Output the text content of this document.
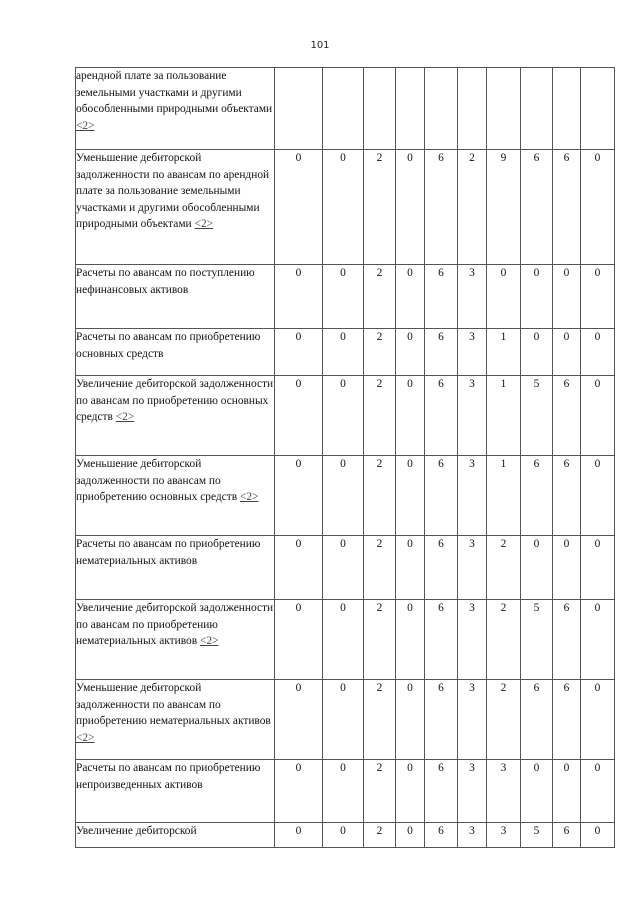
101
арендной плате за пользование земельными участками и другими обособленными природными объектами <2>										
Уменьшение дебиторской задолженности по авансам по арендной плате за пользование земельными участками и другими обособленными природными объектами <2>	0	0	2	0	6	2	9	6	6	0
Расчеты по авансам по поступлению нефинансовых активов	0	0	2	0	6	3	0	0	0	0
Расчеты по авансам по приобретению основных средств	0	0	2	0	6	3	1	0	0	0
Увеличение дебиторской задолженности по авансам по приобретению основных средств <2>	0	0	2	0	6	3	1	5	6	0
Уменьшение дебиторской задолженности по авансам по приобретению основных средств <2>	0	0	2	0	6	3	1	6	6	0
Расчеты по авансам по приобретению нематериальных активов	0	0	2	0	6	3	2	0	0	0
Увеличение дебиторской задолженности по авансам по приобретению нематериальных активов <2>	0	0	2	0	6	3	2	5	6	0
Уменьшение дебиторской задолженности по авансам по приобретению нематериальных активов <2>	0	0	2	0	6	3	2	6	6	0
Расчеты по авансам по приобретению непроизведенных активов	0	0	2	0	6	3	3	0	0	0
Увеличение дебиторской	0	0	2	0	6	3	3	5	6	0
